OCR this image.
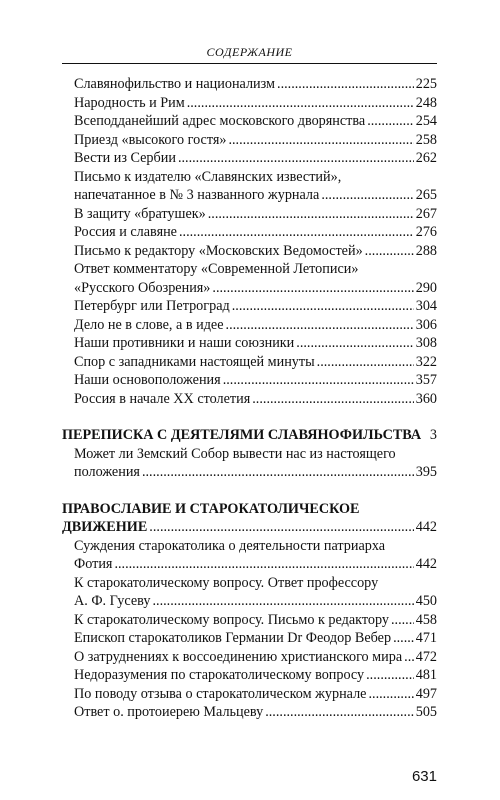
СОДЕРЖАНИЕ
Славянофильство и национализм .....	225
Народность и Рим .....	248
Всеподданейший адрес московского дворянства .....	254
Приезд «высокого гостя» .....	258
Вести из Сербии .....	262
Письмо к издателю «Славянских известий»,
напечатанное в № 3 названного журнала .....	265
В защиту «братушек» .....	267
Россия и славяне .....	276
Письмо к редактору «Московских Ведомостей» .....	288
Ответ комментатору «Современной Летописи»
«Русского Обозрения» .....	290
Петербург или Петроград .....	304
Дело не в слове, а в идее .....	306
Наши противники и наши союзники .....	308
Спор с западниками настоящей минуты .....	322
Наши основоположения .....	357
Россия в начале XX столетия .....	360
ПЕРЕПИСКА С ДЕЯТЕЛЯМИ СЛАВЯНОФИЛЬСТВА 3
Может ли Земский Собор вывести нас из настоящего
положения .....	395
ПРАВОСЛАВИЕ И СТАРОКАТОЛИЧЕСКОЕ
ДВИЖЕНИЕ .....	442
Суждения старокатолика о деятельности патриарха
Фотия .....	442
К старокатолическому вопросу. Ответ профессору
А. Ф. Гусеву .....	450
К старокатолическому вопросу. Письмо к редактору ..... 458
Епископ старокатоликов Германии Dr Феодор Вебер ..... 471
О затруднениях к воссоединению христианского мира ..... 472
Недоразумения по старокатолическому вопросу .....	481
По поводу отзыва о старокатолическом журнале .....	497
Ответ о. протоиерею Мальцеву .....	505
631
